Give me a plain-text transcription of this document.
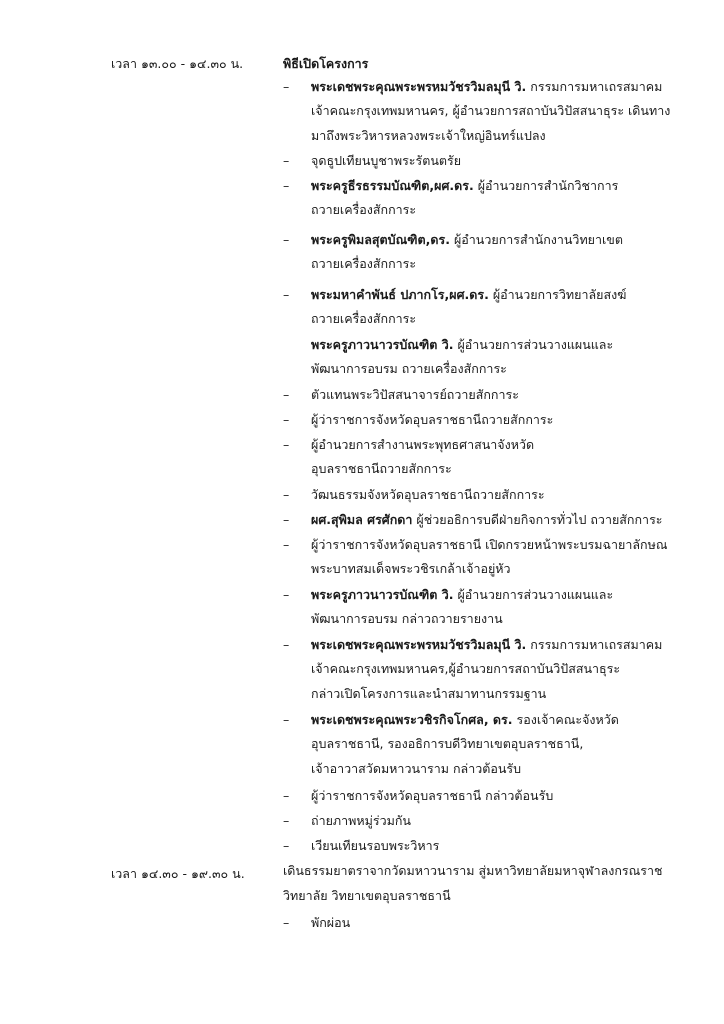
เวลา ๑๓.๐๐ - ๑๔.๓๐ น.	พิธีเปิดโครงการ
– พระเดชพระคุณพระพรหมวัชรวิมลมุนี วิ. กรรมการมหาเถรสมาคม
เจ้าคณะกรุงเทพมหานคร, ผู้อำนวยการสถาบันวิปัสสนาธุระ เดินทาง
มาถึงพระวิหารหลวงพระเจ้าใหญ่อินทร์แปลง
– จุดธูปเทียนบูชาพระรัตนตรัย
– พระครูธีรธรรมบัณฑิต,ผศ.ดร. ผู้อำนวยการสำนักวิชาการ
ถวายเครื่องสักการะ
– พระครูพิมลสุตบัณฑิต,ดร. ผู้อำนวยการสำนักงานวิทยาเขต
ถวายเครื่องสักการะ
– พระมหาคำพันธ์ ปภากโร,ผศ.ดร. ผู้อำนวยการวิทยาลัยสงฆ์
ถวายเครื่องสักการะ
พระครูภาวนาวรบัณฑิต วิ. ผู้อำนวยการส่วนวางแผนและ
พัฒนาการอบรม ถวายเครื่องสักการะ
– ตัวแทนพระวิปัสสนาจารย์ถวายสักการะ
– ผู้ว่าราชการจังหวัดอุบลราชธานีถวายสักการะ
– ผู้อำนวยการสำงานพระพุทธศาสนาจังหวัด
อุบลราชธานีถวายสักการะ
– วัฒนธรรมจังหวัดอุบลราชธานีถวายสักการะ
– ผศ.สุพิมล ศรศักดา ผู้ช่วยอธิการบดีฝ่ายกิจการทั่วไป ถวายสักการะ
– ผู้ว่าราชการจังหวัดอุบลราชธานี เปิดกรวยหน้าพระบรมฉายาลักษณ
พระบาทสมเด็จพระวชิรเกล้าเจ้าอยู่หัว
– พระครูภาวนาวรบัณฑิต วิ. ผู้อำนวยการส่วนวางแผนและ
พัฒนาการอบรม กล่าวถวายรายงาน
– พระเดชพระคุณพระพรหมวัชรวิมลมุนี วิ. กรรมการมหาเถรสมาคม
เจ้าคณะกรุงเทพมหานคร,ผู้อำนวยการสถาบันวิปัสสนาธุระ
กล่าวเปิดโครงการและนำสมาทานกรรมฐาน
– พระเดชพระคุณพระวชิรกิจโกศล, ดร. รองเจ้าคณะจังหวัด
อุบลราชธานี, รองอธิการบดีวิทยาเขตอุบลราชธานี,
เจ้าอาวาสวัดมหาวนาราม กล่าวต้อนรับ
– ผู้ว่าราชการจังหวัดอุบลราชธานี กล่าวต้อนรับ
– ถ่ายภาพหมู่ร่วมกัน
– เวียนเทียนรอบพระวิหาร
เวลา ๑๔.๓๐ - ๑๙.๓๐ น.	เดินธรรมยาตราจากวัดมหาวนาราม สู่มหาวิทยาลัยมหาจุฬาลงกรณราช
วิทยาลัย วิทยาเขตอุบลราชธานี
– พักผ่อน
